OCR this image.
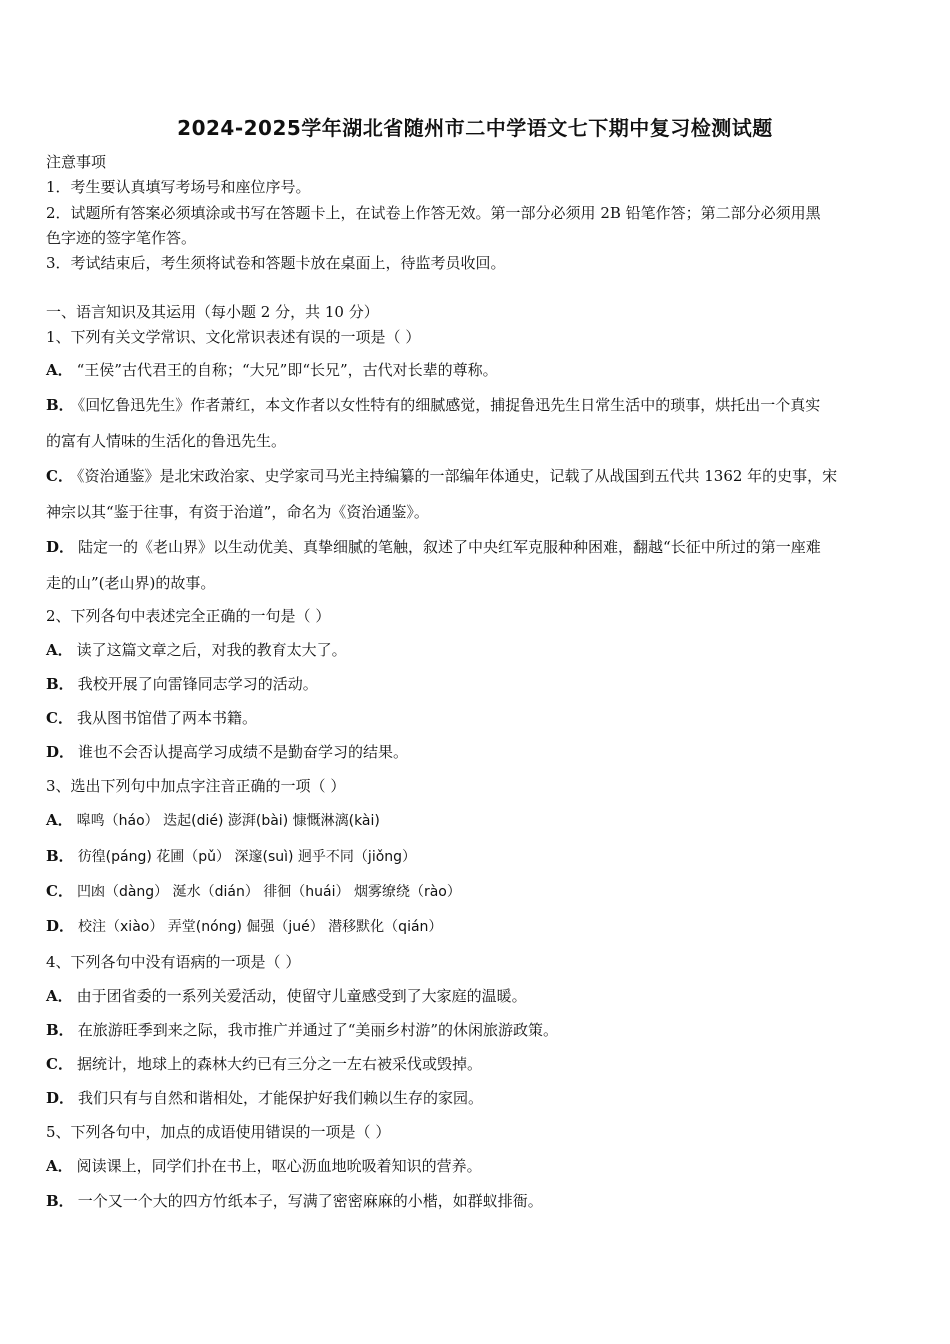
2024-2025学年湖北省随州市二中学语文七下期中复习检测试题
注意事项
1．考生要认真填写考场号和座位序号。
2．试题所有答案必须填涂或书写在答题卡上，在试卷上作答无效。第一部分必须用 2B 铅笔作答；第二部分必须用黑
色字迹的签字笔作答。
3．考试结束后，考生须将试卷和答题卡放在桌面上，待监考员收回。
一、语言知识及其运用（每小题 2 分，共 10 分）
1、下列有关文学常识、文化常识表述有误的一项是（ ）
A． “王侯”古代君王的自称；“大兄”即“长兄”，古代对长辈的尊称。
B． 《回忆鲁迅先生》作者萧红，本文作者以女性特有的细腻感觉，捕捉鲁迅先生日常生活中的琐事，烘托出一个真实
的富有人情味的生活化的鲁迅先生。
C． 《资治通鉴》是北宋政治家、史学家司马光主持编纂的一部编年体通史，记载了从战国到五代共 1362 年的史事，宋
神宗以其“鉴于往事，有资于治道”，命名为《资治通鉴》。
D． 陆定一的《老山界》以生动优美、真挚细腻的笔触，叙述了中央红军克服种种困难，翻越“长征中所过的第一座难
走的山”(老山界)的故事。
2、下列各句中表述完全正确的一句是（ ）
A． 读了这篇文章之后，对我的教育太大了。
B． 我校开展了向雷锋同志学习的活动。
C． 我从图书馆借了两本书籍。
D． 谁也不会否认提高学习成绩不是勤奋学习的结果。
3、选出下列句中加点字注音正确的一项（ ）
A． 嗥鸣（háo） 迭起(dié) 澎湃(bài) 慷慨淋漓(kài)
B． 彷徨(páng) 花圃（pǔ） 深邃(suì) 迥乎不同（jiǒng）
C． 凹凼（dàng） 涎水（dián） 徘徊（huái） 烟雾缭绕（rào）
D． 校注（xiào） 弄堂(nóng) 倔强（jué） 潜移默化（qián）
4、下列各句中没有语病的一项是（ ）
A． 由于团省委的一系列关爱活动，使留守儿童感受到了大家庭的温暖。
B． 在旅游旺季到来之际，我市推广并通过了“美丽乡村游”的休闲旅游政策。
C． 据统计，地球上的森林大约已有三分之一左右被采伐或毁掉。
D． 我们只有与自然和谐相处，才能保护好我们赖以生存的家园。
5、下列各句中，加点的成语使用错误的一项是（ ）
A． 阅读课上，同学们扑在书上，呕心沥血地吮吸着知识的营养。
B． 一个又一个大的四方竹纸本子，写满了密密麻麻的小楷，如群蚁排衙。
